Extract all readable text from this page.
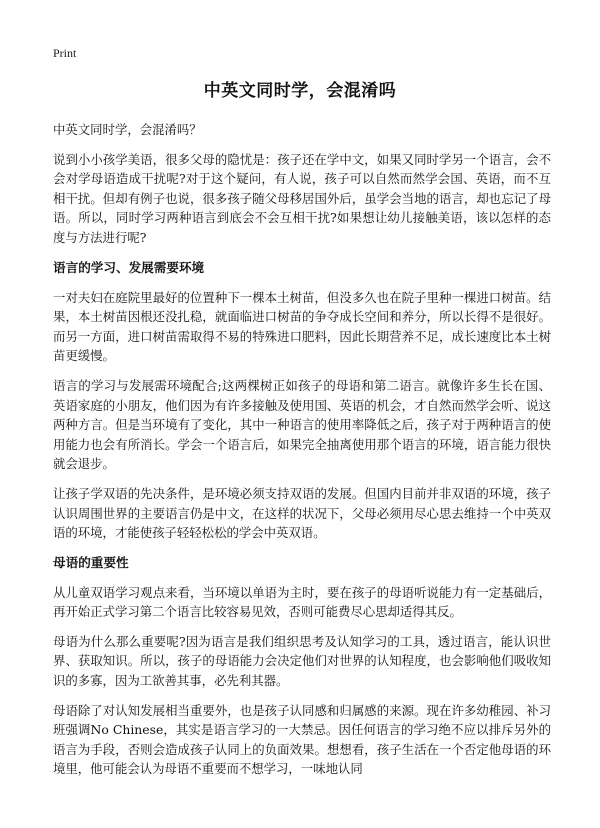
Print
中英文同时学，会混淆吗

中英文同时学，会混淆吗？

说到小小孩学美语，很多父母的隐忧是：孩子还在学中文，如果又同时学另一个语言，会不会对学母语造成干扰呢?对于这个疑问，有人说，孩子可以自然而然学会国、英语，而不互相干扰。但却有例子也说，很多孩子随父母移居国外后，虽学会当地的语言，却也忘记了母语。所以，同时学习两种语言到底会不会互相干扰?如果想让幼儿接触美语，该以怎样的态度与方法进行呢?

语言的学习、发展需要环境

一对夫妇在庭院里最好的位置种下一棵本土树苗，但没多久也在院子里种一棵进口树苗。结果，本土树苗因根还没扎稳，就面临进口树苗的争夺成长空间和养分，所以长得不是很好。而另一方面，进口树苗需取得不易的特殊进口肥料，因此长期营养不足，成长速度比本土树苗更缓慢。

语言的学习与发展需环境配合;这两棵树正如孩子的母语和第二语言。就像许多生长在国、英语家庭的小朋友，他们因为有许多接触及使用国、英语的机会，才自然而然学会听、说这两种方言。但是当环境有了变化，其中一种语言的使用率降低之后，孩子对于两种语言的使用能力也会有所消长。学会一个语言后，如果完全抽离使用那个语言的环境，语言能力很快就会退步。

让孩子学双语的先决条件，是环境必须支持双语的发展。但国内目前并非双语的环境，孩子认识周围世界的主要语言仍是中文，在这样的状况下，父母必须用尽心思去维持一个中英双语的环境，才能使孩子轻轻松松的学会中英双语。

母语的重要性

从儿童双语学习观点来看，当环境以单语为主时，要在孩子的母语听说能力有一定基础后，再开始正式学习第二个语言比较容易见效，否则可能费尽心思却适得其反。

母语为什么那么重要呢?因为语言是我们组织思考及认知学习的工具，透过语言，能认识世界、获取知识。所以，孩子的母语能力会决定他们对世界的认知程度，也会影响他们吸收知识的多寡，因为工欲善其事，必先利其器。

母语除了对认知发展相当重要外，也是孩子认同感和归属感的来源。现在许多幼稚园、补习班强调No Chinese，其实是语言学习的一大禁忌。因任何语言的学习绝不应以排斥另外的语言为手段，否则会造成孩子认同上的负面效果。想想看，孩子生活在一个否定他母语的环境里，他可能会认为母语不重要而不想学习，一味地认同
